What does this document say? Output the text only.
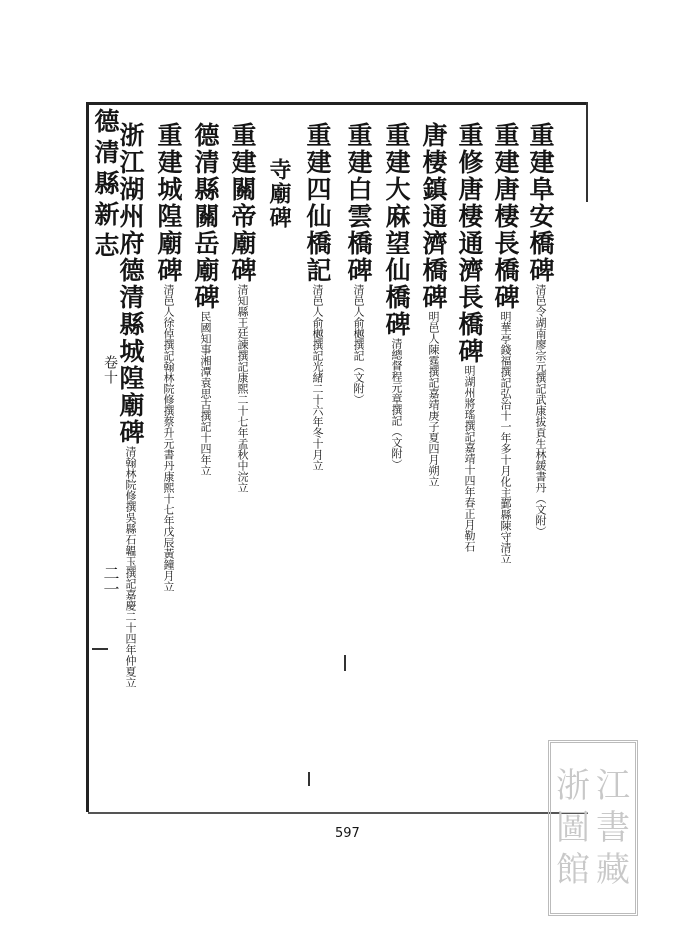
德清縣新志
卷十
二一
重建阜安橋碑清邑令湖南廖宗元撰記武康拔貢生林鍰書丹（文附）
重建唐棲長橋碑明華亭錢福撰記弘治十一年多十月化主鄞縣陳守清立
重修唐棲通濟長橋碑明湖州將瑤撰記嘉靖十四年春正月勒石
唐棲鎮通濟橋碑明邑人陳霆撰記嘉靖庚子夏四月朔立
重建大麻望仙橋碑清總督程元章撰記（文附）
重建白雲橋碑清邑人俞樾撰記（文附）
重建四仙橋記清邑人俞樾撰記光緒二十六年冬十月立
寺廟碑
重建關帝廟碑清知縣王廷諫撰記康熙二十七年孟秋中浣立
德清縣關岳廟碑民國知事湘潭袁思古撰記十四年立
重建城隍廟碑清邑人徐倬撰記翰林院修撰蔡升元書丹康熙十七年戊辰黃鐘月立
浙江湖州府德清縣城隍廟碑清翰林院修撰吳縣石韞玉撰記嘉慶二十四年仲夏立
597
浙 江
圖 書
館 藏
